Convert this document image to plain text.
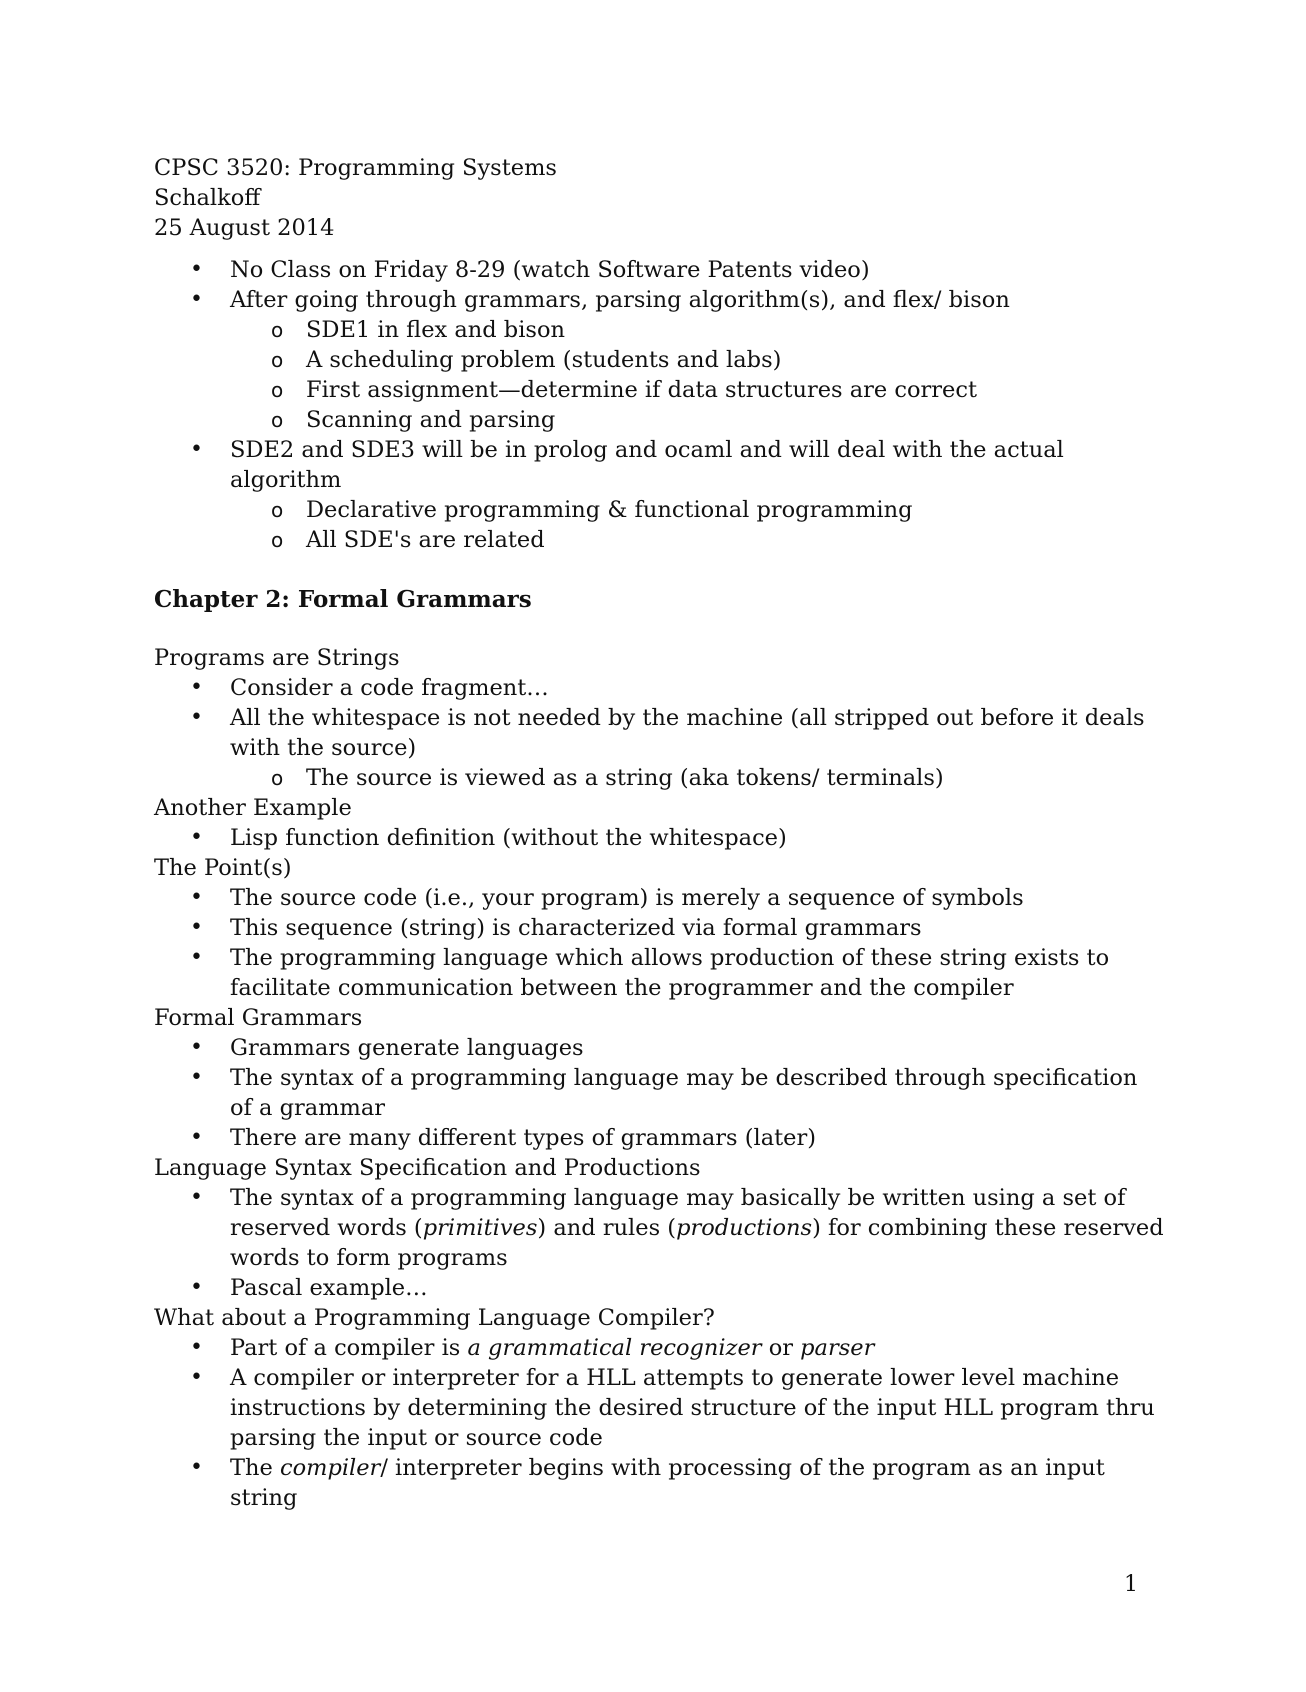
CPSC 3520: Programming Systems
Schalkoff
25 August 2014
• No Class on Friday 8-29 (watch Software Patents video)
• After going through grammars, parsing algorithm(s), and flex/ bison
o SDE1 in flex and bison
o A scheduling problem (students and labs)
o First assignment—determine if data structures are correct
o Scanning and parsing
• SDE2 and SDE3 will be in prolog and ocaml and will deal with the actual algorithm
o Declarative programming & functional programming
o All SDE's are related
Chapter 2: Formal Grammars
Programs are Strings
• Consider a code fragment…
• All the whitespace is not needed by the machine (all stripped out before it deals with the source)
o The source is viewed as a string (aka tokens/ terminals)
Another Example
• Lisp function definition (without the whitespace)
The Point(s)
• The source code (i.e., your program) is merely a sequence of symbols
• This sequence (string) is characterized via formal grammars
• The programming language which allows production of these string exists to facilitate communication between the programmer and the compiler
Formal Grammars
• Grammars generate languages
• The syntax of a programming language may be described through specification of a grammar
• There are many different types of grammars (later)
Language Syntax Specification and Productions
• The syntax of a programming language may basically be written using a set of reserved words (primitives) and rules (productions) for combining these reserved words to form programs
• Pascal example…
What about a Programming Language Compiler?
• Part of a compiler is a grammatical recognizer or parser
• A compiler or interpreter for a HLL attempts to generate lower level machine instructions by determining the desired structure of the input HLL program thru parsing the input or source code
• The compiler/ interpreter begins with processing of the program as an input string
1
